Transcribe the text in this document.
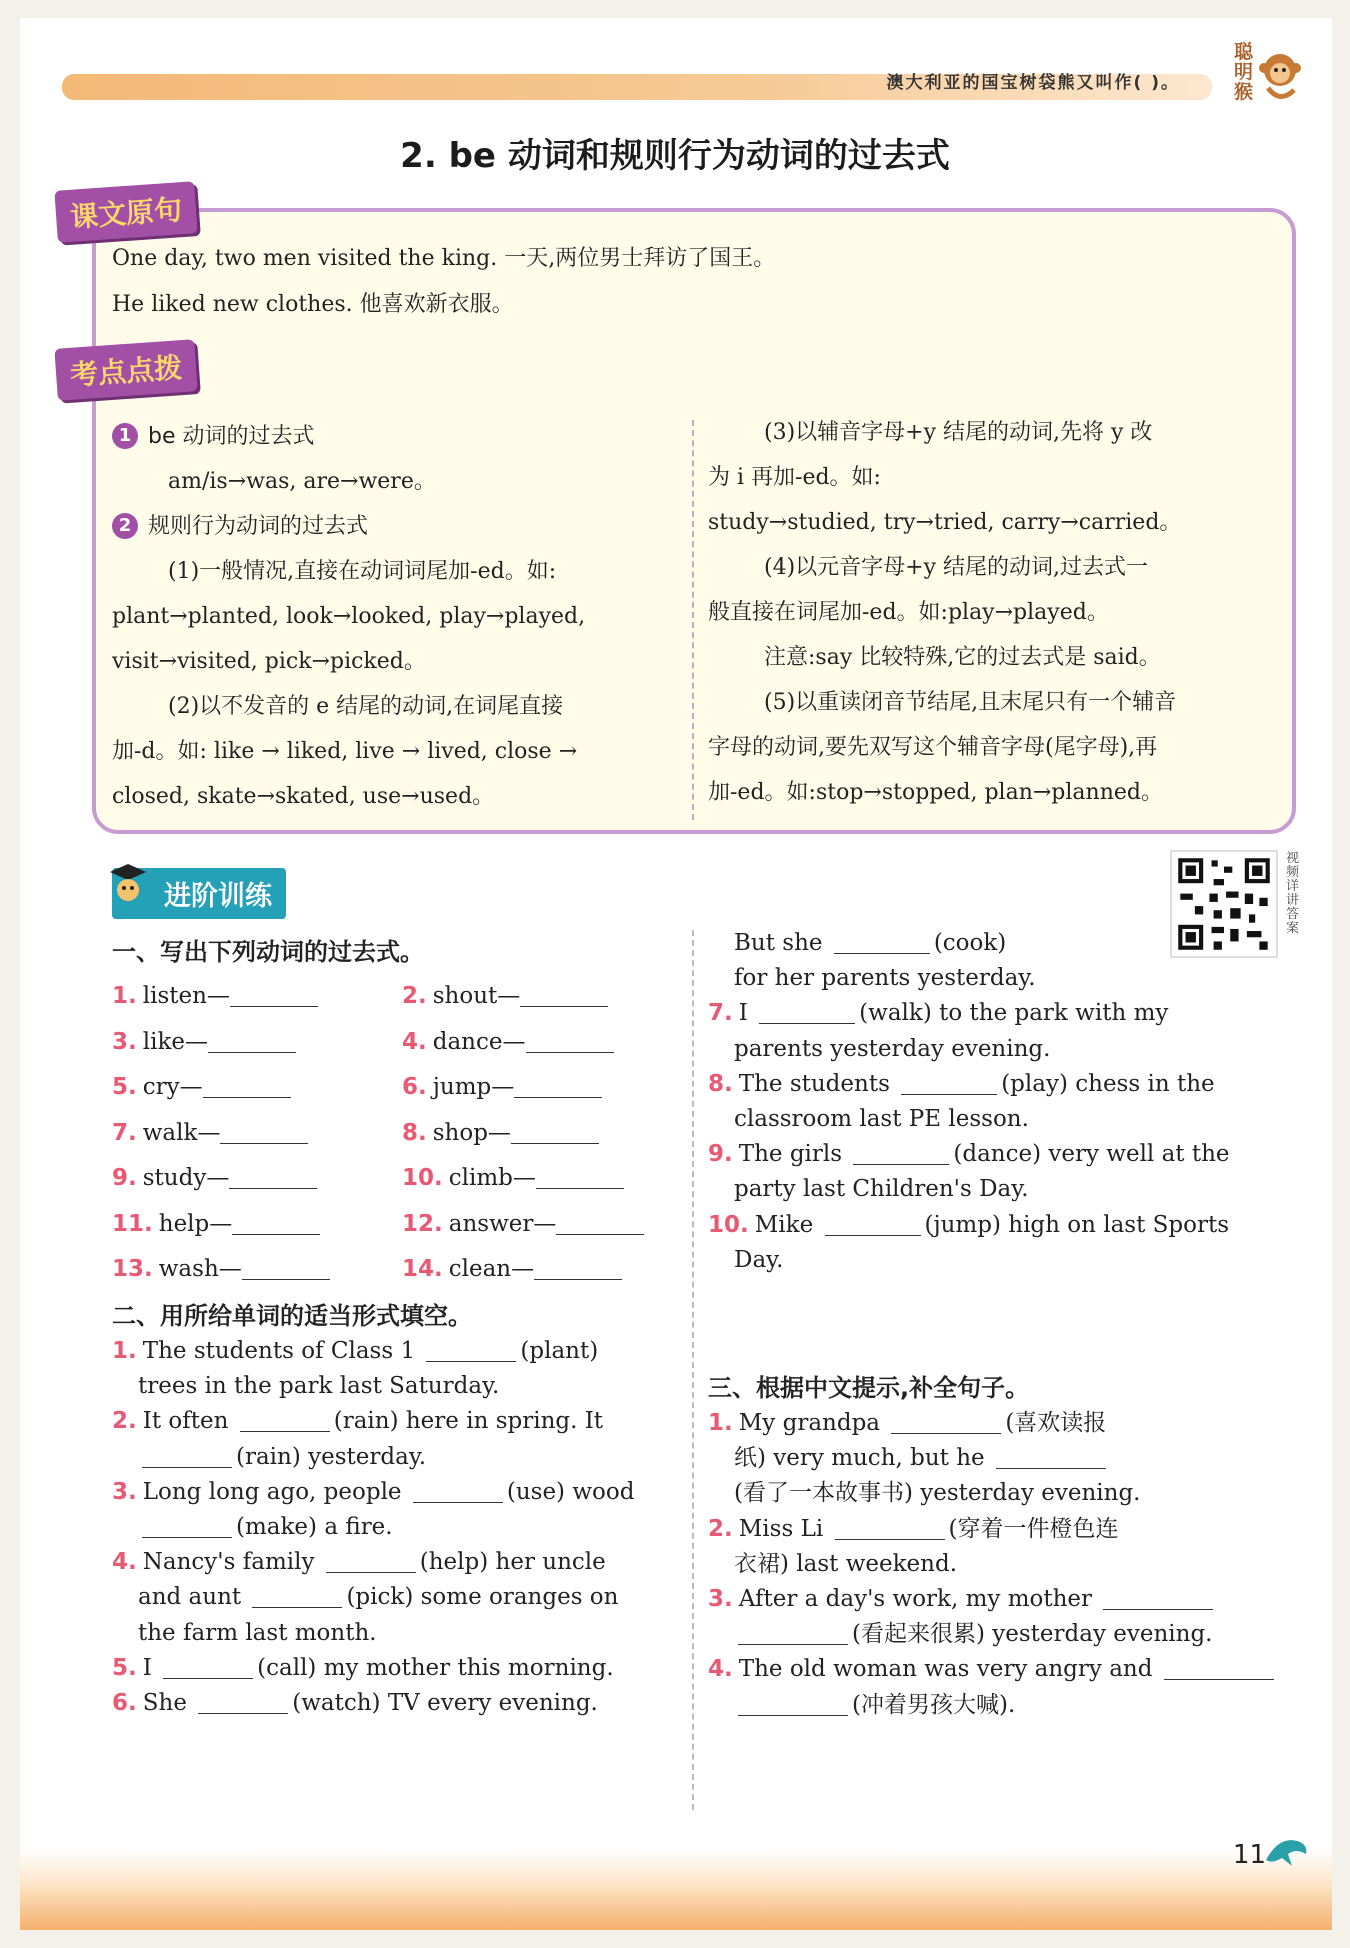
澳大利亚的国宝树袋熊又叫作( )。
聪明猴
2. be 动词和规则行为动词的过去式
课文原句
考点点拨
One day, two men visited the king. 一天,两位男士拜访了国王。
He liked new clothes. 他喜欢新衣服。
1 be 动词的过去式
am/is→was, are→were。
2 规则行为动词的过去式
(1)一般情况,直接在动词词尾加-ed。如:
plant→planted, look→looked, play→played,
visit→visited, pick→picked。
(2)以不发音的 e 结尾的动词,在词尾直接
加-d。如: like → liked, live → lived, close →
closed, skate→skated, use→used。
(3)以辅音字母+y 结尾的动词,先将 y 改
为 i 再加-ed。如:
study→studied, try→tried, carry→carried。
(4)以元音字母+y 结尾的动词,过去式一
般直接在词尾加-ed。如:play→played。
注意:say 比较特殊,它的过去式是 said。
(5)以重读闭音节结尾,且末尾只有一个辅音
字母的动词,要先双写这个辅音字母(尾字母),再
加-ed。如:stop→stopped, plan→planned。
进阶训练
视频详讲答案
一、写出下列动词的过去式。
1. listen—	2. shout—
3. like—	4. dance—
5. cry—	6. jump—
7. walk—	8. shop—
9. study—	10. climb—
11. help—	12. answer—
13. wash—	14. clean—
二、用所给单词的适当形式填空。
1. The students of Class 1	(plant)
trees in the park last Saturday.
2. It often	(rain) here in spring. It
(rain) yesterday.
3. Long long ago, people	(use) wood
(make) a fire.
4. Nancy's family	(help) her uncle
and aunt	(pick) some oranges on
the farm last month.
5. I	(call) my mother this morning.
6. She	(watch) TV every evening.
But she	(cook)
for her parents yesterday.
7. I	(walk) to the park with my
parents yesterday evening.
8. The students	(play) chess in the
classroom last PE lesson.
9. The girls	(dance) very well at the
party last Children's Day.
10. Mike	(jump) high on last Sports
Day.
三、根据中文提示,补全句子。
1. My grandpa	(喜欢读报
纸) very much, but he
(看了一本故事书) yesterday evening.
2. Miss Li	(穿着一件橙色连
衣裙) last weekend.
3. After a day's work, my mother
(看起来很累) yesterday evening.
4. The old woman was very angry and
(冲着男孩大喊).
11
